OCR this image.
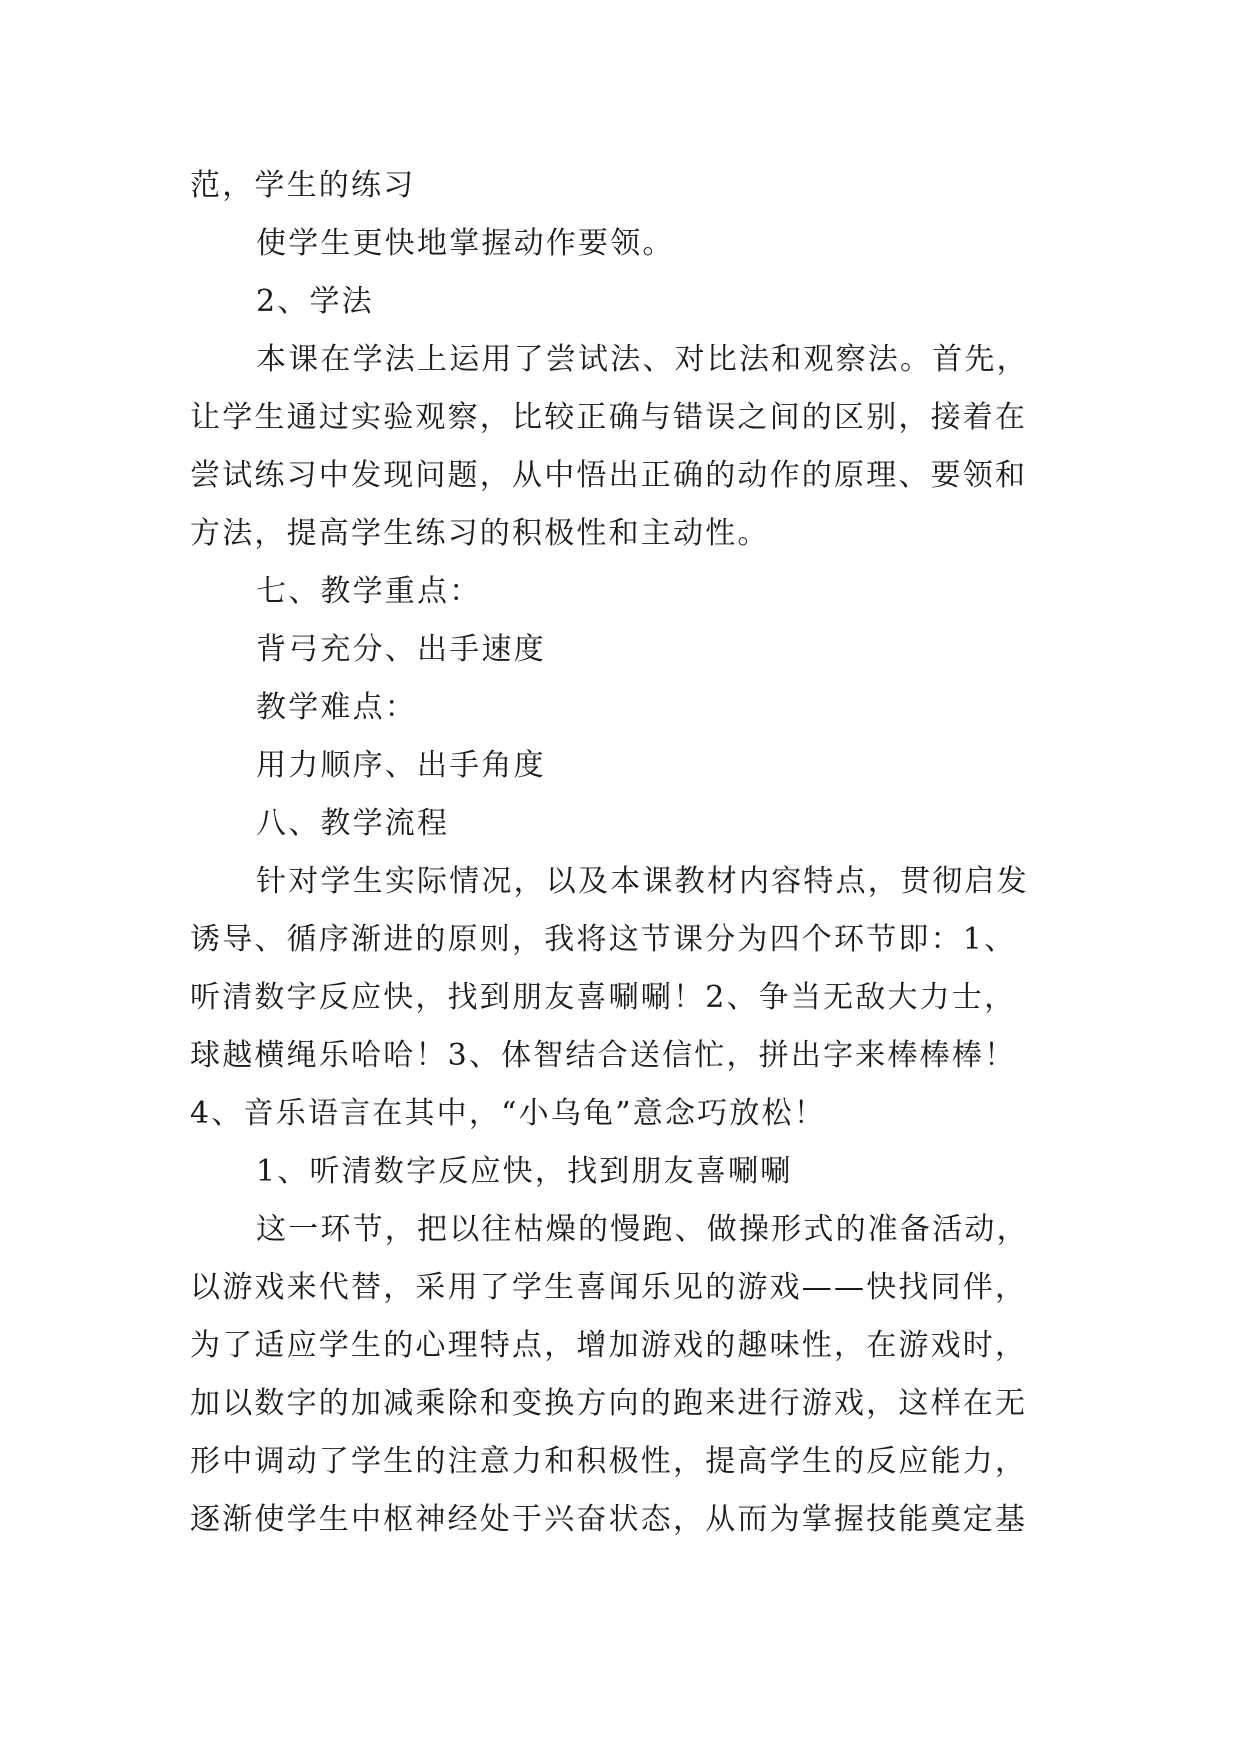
范，学生的练习
使学生更快地掌握动作要领。
2、学法
本课在学法上运用了尝试法、对比法和观察法。首先，
让学生通过实验观察，比较正确与错误之间的区别，接着在
尝试练习中发现问题，从中悟出正确的动作的原理、要领和
方法，提高学生练习的积极性和主动性。
七、教学重点：
背弓充分、出手速度
教学难点：
用力顺序、出手角度
八、教学流程
针对学生实际情况，以及本课教材内容特点，贯彻启发
诱导、循序渐进的原则，我将这节课分为四个环节即：1、
听清数字反应快，找到朋友喜唰唰！2、争当无敌大力士，
球越横绳乐哈哈！3、体智结合送信忙，拼出字来棒棒棒！
4、音乐语言在其中，“小乌龟”意念巧放松！
1、听清数字反应快，找到朋友喜唰唰
这一环节，把以往枯燥的慢跑、做操形式的准备活动，
以游戏来代替，采用了学生喜闻乐见的游戏——快找同伴，
为了适应学生的心理特点，增加游戏的趣味性，在游戏时，
加以数字的加减乘除和变换方向的跑来进行游戏，这样在无
形中调动了学生的注意力和积极性，提高学生的反应能力，
逐渐使学生中枢神经处于兴奋状态，从而为掌握技能奠定基
